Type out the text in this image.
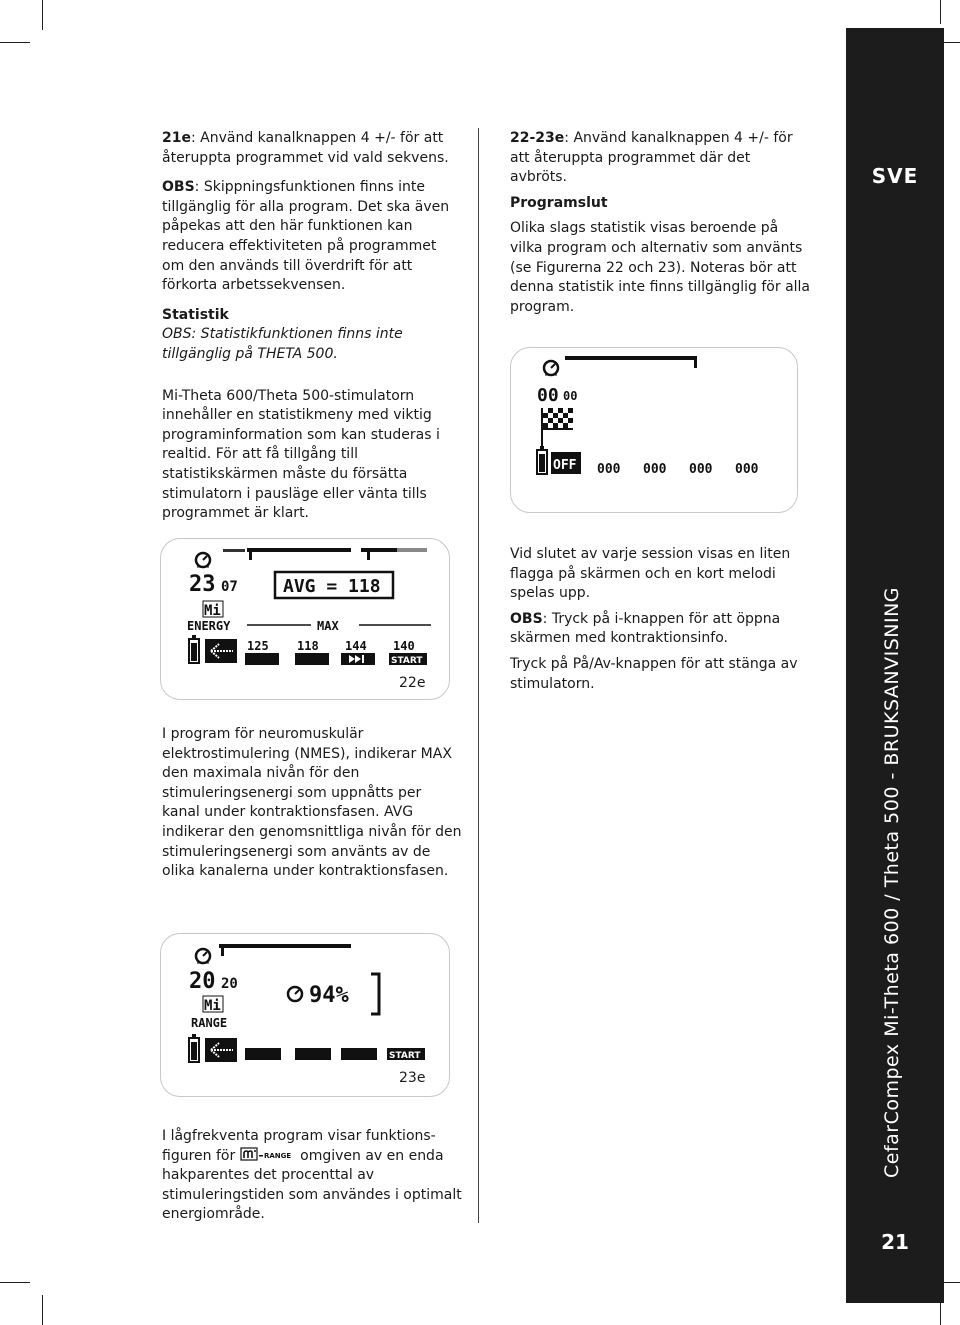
21e: Använd kanalknappen 4 +/- för att återuppta programmet vid vald sekvens.

OBS: Skippningsfunktionen finns inte tillgänglig för alla program. Det ska även påpekas att den här funktionen kan reducera effektiviteten på programmet om den används till överdrift för att förkorta arbetssekvensen.

Statistik

OBS: Statistikfunktionen finns inte tillgänglig på THETA 500.

Mi-Theta 600/Theta 500-stimulatorn innehåller en statistikmeny med viktig programinformation som kan studeras i realtid. För att få tillgång till statistikskärmen måste du försätta stimulatorn i pausläge eller vänta tills programmet är klart.

23 07	AVG = 118
Mi
ENERGY	MAX
125 118 144 140
START
22e

I program för neuromuskulär elektrostimulering (NMES), indikerar MAX den maximala nivån för den stimuleringsenergi som uppnåtts per kanal under kontraktionsfasen. AVG indikerar den genomsnittliga nivån för den stimuleringsenergi som använts av de olika kanalerna under kontraktionsfasen.

20 20	94%
Mi
RANGE
START
23e

I lågfrekventa program visar funktions-figuren för	RANGE omgiven av en enda hakparentes det procenttal av stimuleringstiden som användes i optimalt energiområde.

22-23e: Använd kanalknappen 4 +/- för att återuppta programmet där det avbröts.

Programslut

Olika slags statistik visas beroende på vilka program och alternativ som använts (se Figurerna 22 och 23). Noteras bör att denna statistik inte finns tillgänglig för alla program.

00 00
OFF 000 000 000 000

Vid slutet av varje session visas en liten flagga på skärmen och en kort melodi spelas upp.

OBS: Tryck på i-knappen för att öppna skärmen med kontraktionsinfo.

Tryck på På/Av-knappen för att stänga av stimulatorn.

SVE
CefarCompex Mi-Theta 600 / Theta 500 - BRUKSANVISNING
21
